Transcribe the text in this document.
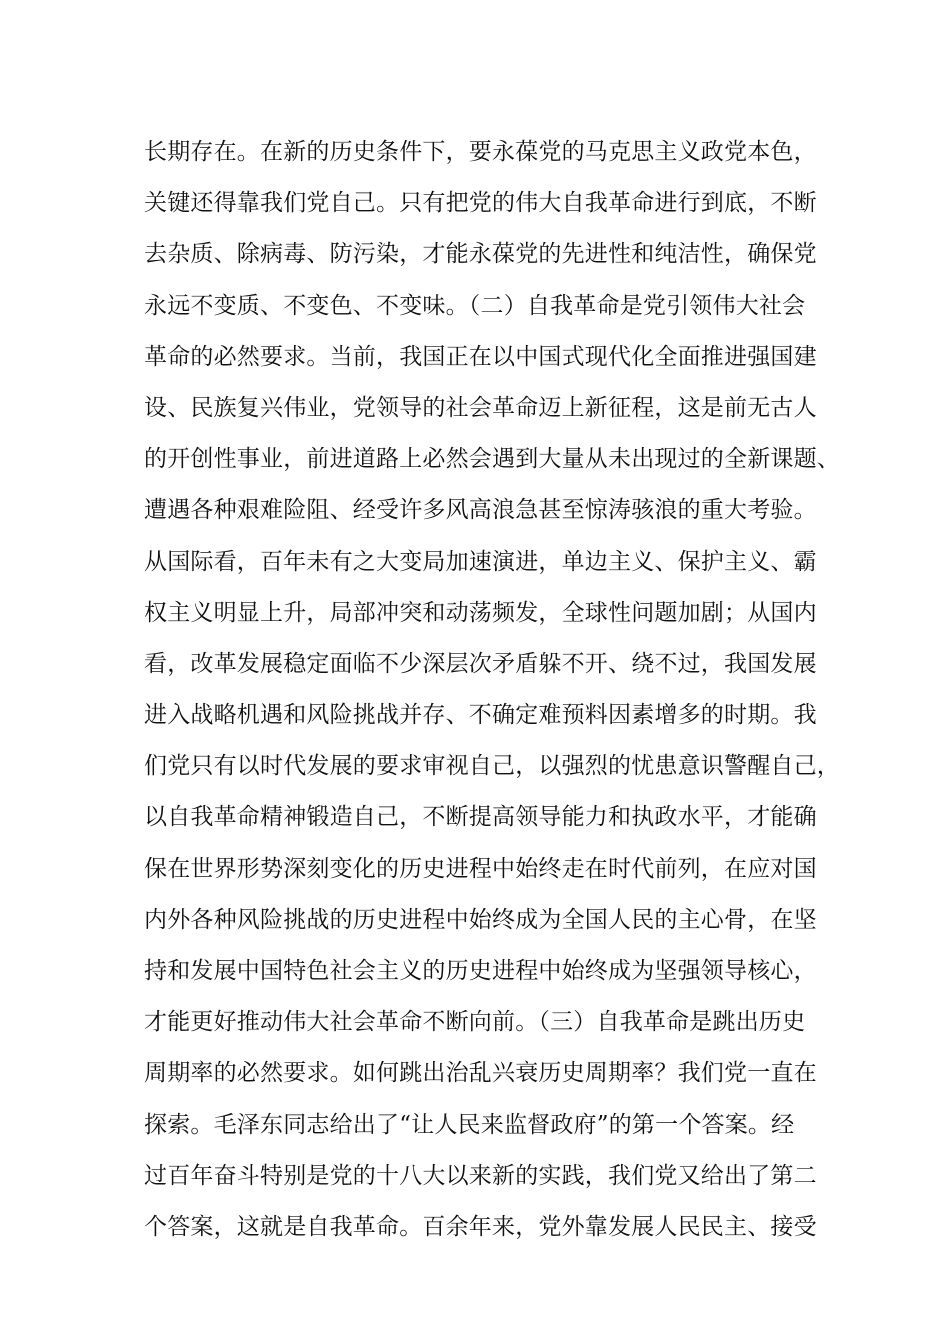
长期存在。在新的历史条件下，要永葆党的马克思主义政党本色，
关键还得靠我们党自己。只有把党的伟大自我革命进行到底，不断
去杂质、除病毒、防污染，才能永葆党的先进性和纯洁性，确保党
永远不变质、不变色、不变味。（二）自我革命是党引领伟大社会
革命的必然要求。当前，我国正在以中国式现代化全面推进强国建
设、民族复兴伟业，党领导的社会革命迈上新征程，这是前无古人
的开创性事业，前进道路上必然会遇到大量从未出现过的全新课题、
遭遇各种艰难险阻、经受许多风高浪急甚至惊涛骇浪的重大考验。
从国际看，百年未有之大变局加速演进，单边主义、保护主义、霸
权主义明显上升，局部冲突和动荡频发，全球性问题加剧；从国内
看，改革发展稳定面临不少深层次矛盾躲不开、绕不过，我国发展
进入战略机遇和风险挑战并存、不确定难预料因素增多的时期。我
们党只有以时代发展的要求审视自己，以强烈的忧患意识警醒自己，
以自我革命精神锻造自己，不断提高领导能力和执政水平，才能确
保在世界形势深刻变化的历史进程中始终走在时代前列，在应对国
内外各种风险挑战的历史进程中始终成为全国人民的主心骨，在坚
持和发展中国特色社会主义的历史进程中始终成为坚强领导核心，
才能更好推动伟大社会革命不断向前。（三）自我革命是跳出历史
周期率的必然要求。如何跳出治乱兴衰历史周期率？我们党一直在
探索。毛泽东同志给出了“让人民来监督政府”的第一个答案。经
过百年奋斗特别是党的十八大以来新的实践，我们党又给出了第二
个答案，这就是自我革命。百余年来，党外靠发展人民民主、接受
